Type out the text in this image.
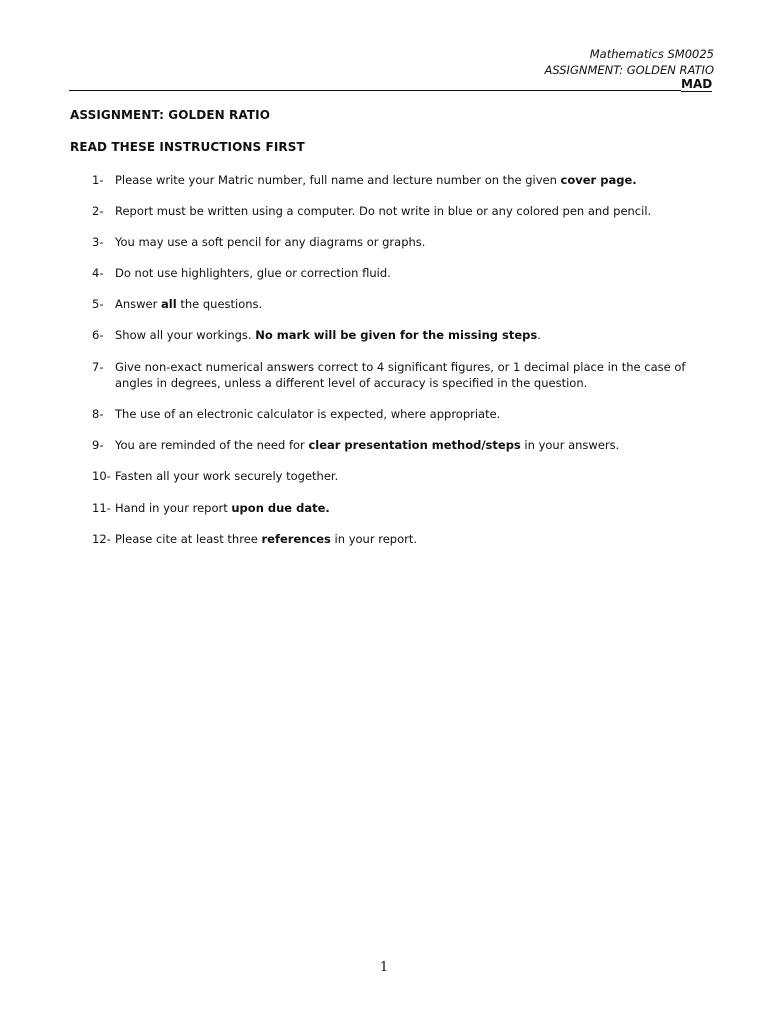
Mathematics SM0025
ASSIGNMENT: GOLDEN RATIO
MAD
ASSIGNMENT: GOLDEN RATIO
READ THESE INSTRUCTIONS FIRST
1-	Please write your Matric number, full name and lecture number on the given cover page.
2-	Report must be written using a computer. Do not write in blue or any colored pen and pencil.
3-	You may use a soft pencil for any diagrams or graphs.
4-	Do not use highlighters, glue or correction fluid.
5-	Answer all the questions.
6-	Show all your workings. No mark will be given for the missing steps.
7-	Give non-exact numerical answers correct to 4 significant figures, or 1 decimal place in the case of angles in degrees, unless a different level of accuracy is specified in the question.
8-	The use of an electronic calculator is expected, where appropriate.
9-	You are reminded of the need for clear presentation method/steps in your answers.
10- Fasten all your work securely together.
11- Hand in your report upon due date.
12- Please cite at least three references in your report.
1
